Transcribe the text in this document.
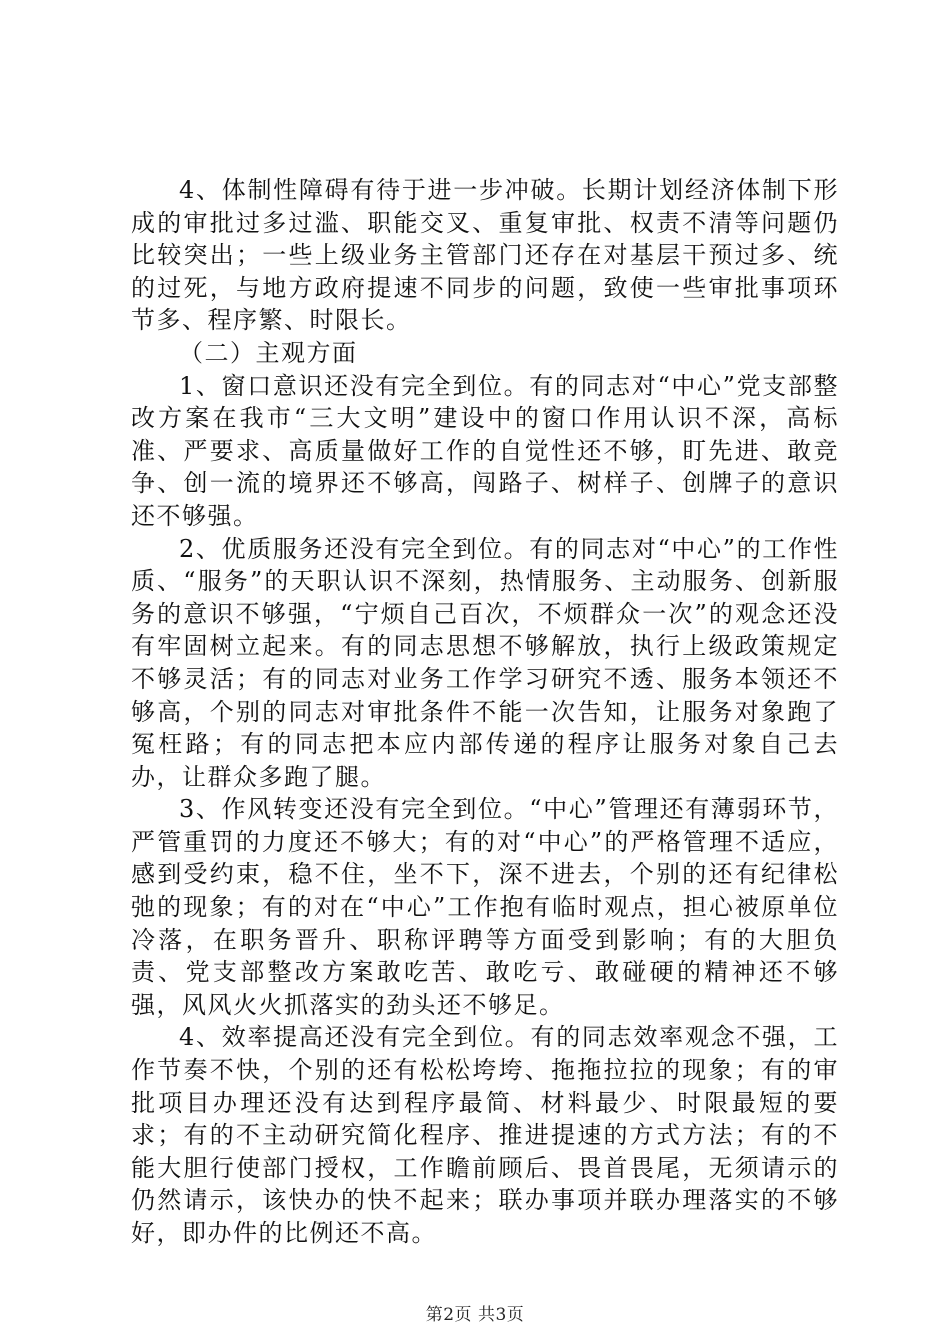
4、体制性障碍有待于进一步冲破。长期计划经济体制下形成的审批过多过滥、职能交叉、重复审批、权责不清等问题仍比较突出；一些上级业务主管部门还存在对基层干预过多、统的过死，与地方政府提速不同步的问题，致使一些审批事项环节多、程序繁、时限长。

（二）主观方面

1、窗口意识还没有完全到位。有的同志对“中心”党支部整改方案在我市“三大文明”建设中的窗口作用认识不深，高标准、严要求、高质量做好工作的自觉性还不够，盯先进、敢竞争、创一流的境界还不够高，闯路子、树样子、创牌子的意识还不够强。

2、优质服务还没有完全到位。有的同志对“中心”的工作性质、“服务”的天职认识不深刻，热情服务、主动服务、创新服务的意识不够强，“宁烦自己百次，不烦群众一次”的观念还没有牢固树立起来。有的同志思想不够解放，执行上级政策规定不够灵活；有的同志对业务工作学习研究不透、服务本领还不够高，个别的同志对审批条件不能一次告知，让服务对象跑了冤枉路；有的同志把本应内部传递的程序让服务对象自己去办，让群众多跑了腿。

3、作风转变还没有完全到位。“中心”管理还有薄弱环节，严管重罚的力度还不够大；有的对“中心”的严格管理不适应，感到受约束，稳不住，坐不下，深不进去，个别的还有纪律松弛的现象；有的对在“中心”工作抱有临时观点，担心被原单位冷落，在职务晋升、职称评聘等方面受到影响；有的大胆负责、党支部整改方案敢吃苦、敢吃亏、敢碰硬的精神还不够强，风风火火抓落实的劲头还不够足。

4、效率提高还没有完全到位。有的同志效率观念不强，工作节奏不快，个别的还有松松垮垮、拖拖拉拉的现象；有的审批项目办理还没有达到程序最简、材料最少、时限最短的要求；有的不主动研究简化程序、推进提速的方式方法；有的不能大胆行使部门授权，工作瞻前顾后、畏首畏尾，无须请示的仍然请示，该快办的快不起来；联办事项并联办理落实的不够好，即办件的比例还不高。

第2页 共3页
